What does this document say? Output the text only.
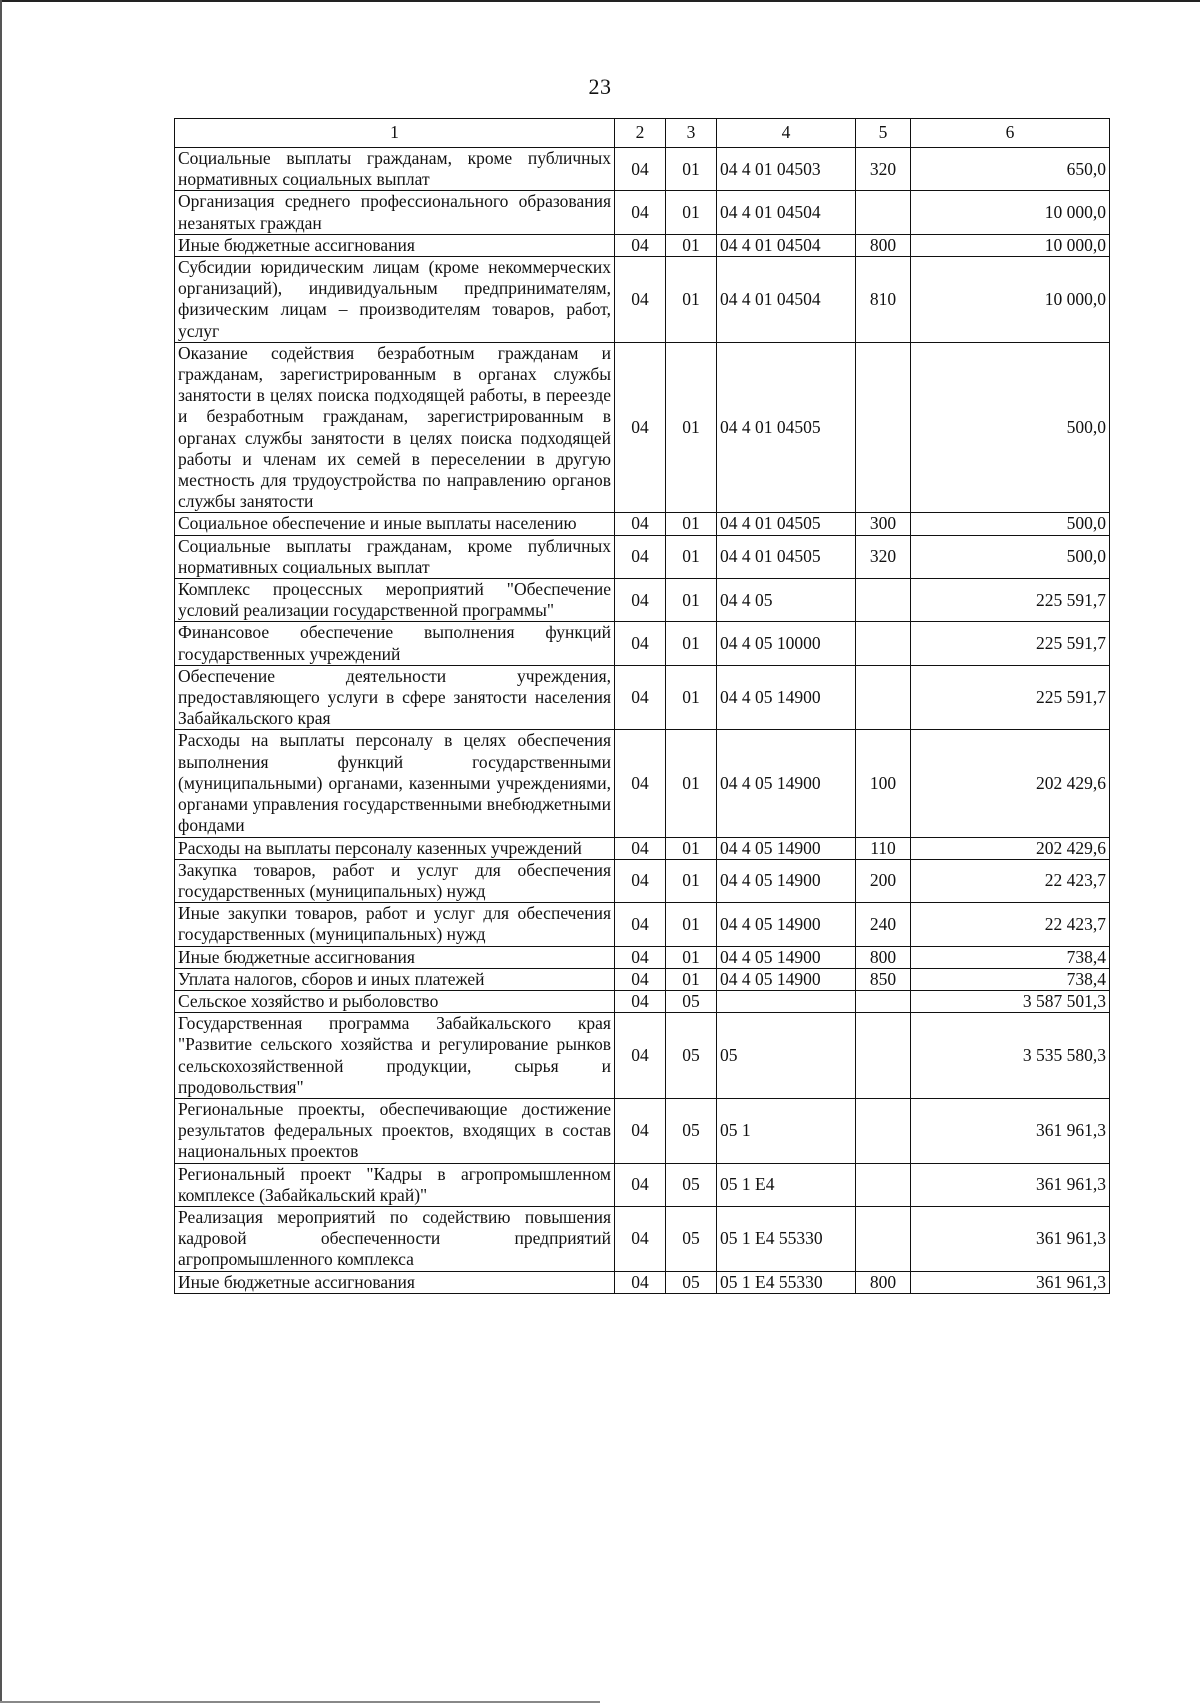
23
1	2	3	4	5	6
Социальные выплаты гражданам, кроме публичных нормативных социальных выплат	04	01	04 4 01 04503	320	650,0
Организация среднего профессионального образования незанятых граждан	04	01	04 4 01 04504		10 000,0
Иные бюджетные ассигнования	04	01	04 4 01 04504	800	10 000,0
Субсидии юридическим лицам (кроме некоммерческих организаций), индивидуальным предпринимателям, физическим лицам – производителям товаров, работ, услуг	04	01	04 4 01 04504	810	10 000,0
Оказание содействия безработным гражданам и гражданам, зарегистрированным в органах службы занятости в целях поиска подходящей работы, в переезде и безработным гражданам, зарегистрированным в органах службы занятости в целях поиска подходящей работы и членам их семей в переселении в другую местность для трудоустройства по направлению органов службы занятости	04	01	04 4 01 04505		500,0
Социальное обеспечение и иные выплаты населению	04	01	04 4 01 04505	300	500,0
Социальные выплаты гражданам, кроме публичных нормативных социальных выплат	04	01	04 4 01 04505	320	500,0
Комплекс процессных мероприятий "Обеспечение условий реализации государственной программы"	04	01	04 4 05		225 591,7
Финансовое обеспечение выполнения функций государственных учреждений	04	01	04 4 05 10000		225 591,7
Обеспечение деятельности учреждения, предоставляющего услуги в сфере занятости населения Забайкальского края	04	01	04 4 05 14900		225 591,7
Расходы на выплаты персоналу в целях обеспечения выполнения функций государственными (муниципальными) органами, казенными учреждениями, органами управления государственными внебюджетными фондами	04	01	04 4 05 14900	100	202 429,6
Расходы на выплаты персоналу казенных учреждений	04	01	04 4 05 14900	110	202 429,6
Закупка товаров, работ и услуг для обеспечения государственных (муниципальных) нужд	04	01	04 4 05 14900	200	22 423,7
Иные закупки товаров, работ и услуг для обеспечения государственных (муниципальных) нужд	04	01	04 4 05 14900	240	22 423,7
Иные бюджетные ассигнования	04	01	04 4 05 14900	800	738,4
Уплата налогов, сборов и иных платежей	04	01	04 4 05 14900	850	738,4
Сельское хозяйство и рыболовство	04	05			3 587 501,3
Государственная программа Забайкальского края "Развитие сельского хозяйства и регулирование рынков сельскохозяйственной продукции, сырья и продовольствия"	04	05	05		3 535 580,3
Региональные проекты, обеспечивающие достижение результатов федеральных проектов, входящих в состав национальных проектов	04	05	05 1		361 961,3
Региональный проект "Кадры в агропромышленном комплексе (Забайкальский край)"	04	05	05 1 Е4		361 961,3
Реализация мероприятий по содействию повышения кадровой обеспеченности предприятий агропромышленного комплекса	04	05	05 1 Е4 55330		361 961,3
Иные бюджетные ассигнования	04	05	05 1 Е4 55330	800	361 961,3
